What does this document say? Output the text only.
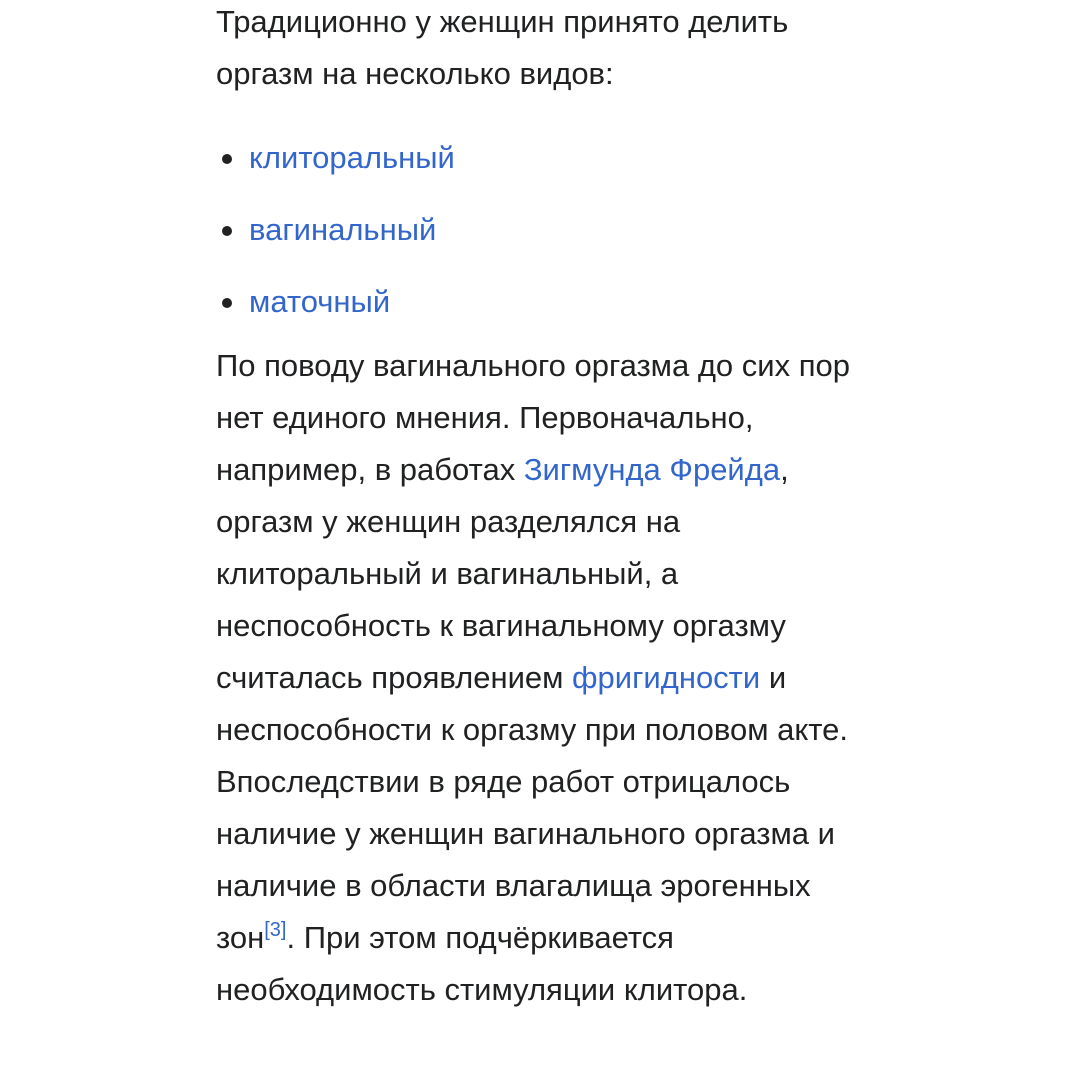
Традиционно у женщин принято делить оргазм на несколько видов:

клиторальный
вагинальный
маточный

По поводу вагинального оргазма до сих пор нет единого мнения. Первоначально, например, в работах Зигмунда Фрейда, оргазм у женщин разделялся на клиторальный и вагинальный, а неспособность к вагинальному оргазму считалась проявлением фригидности и неспособности к оргазму при половом акте. Впоследствии в ряде работ отрицалось наличие у женщин вагинального оргазма и наличие в области влагалища эрогенных зон[3]. При этом подчёркивается необходимость стимуляции клитора.
